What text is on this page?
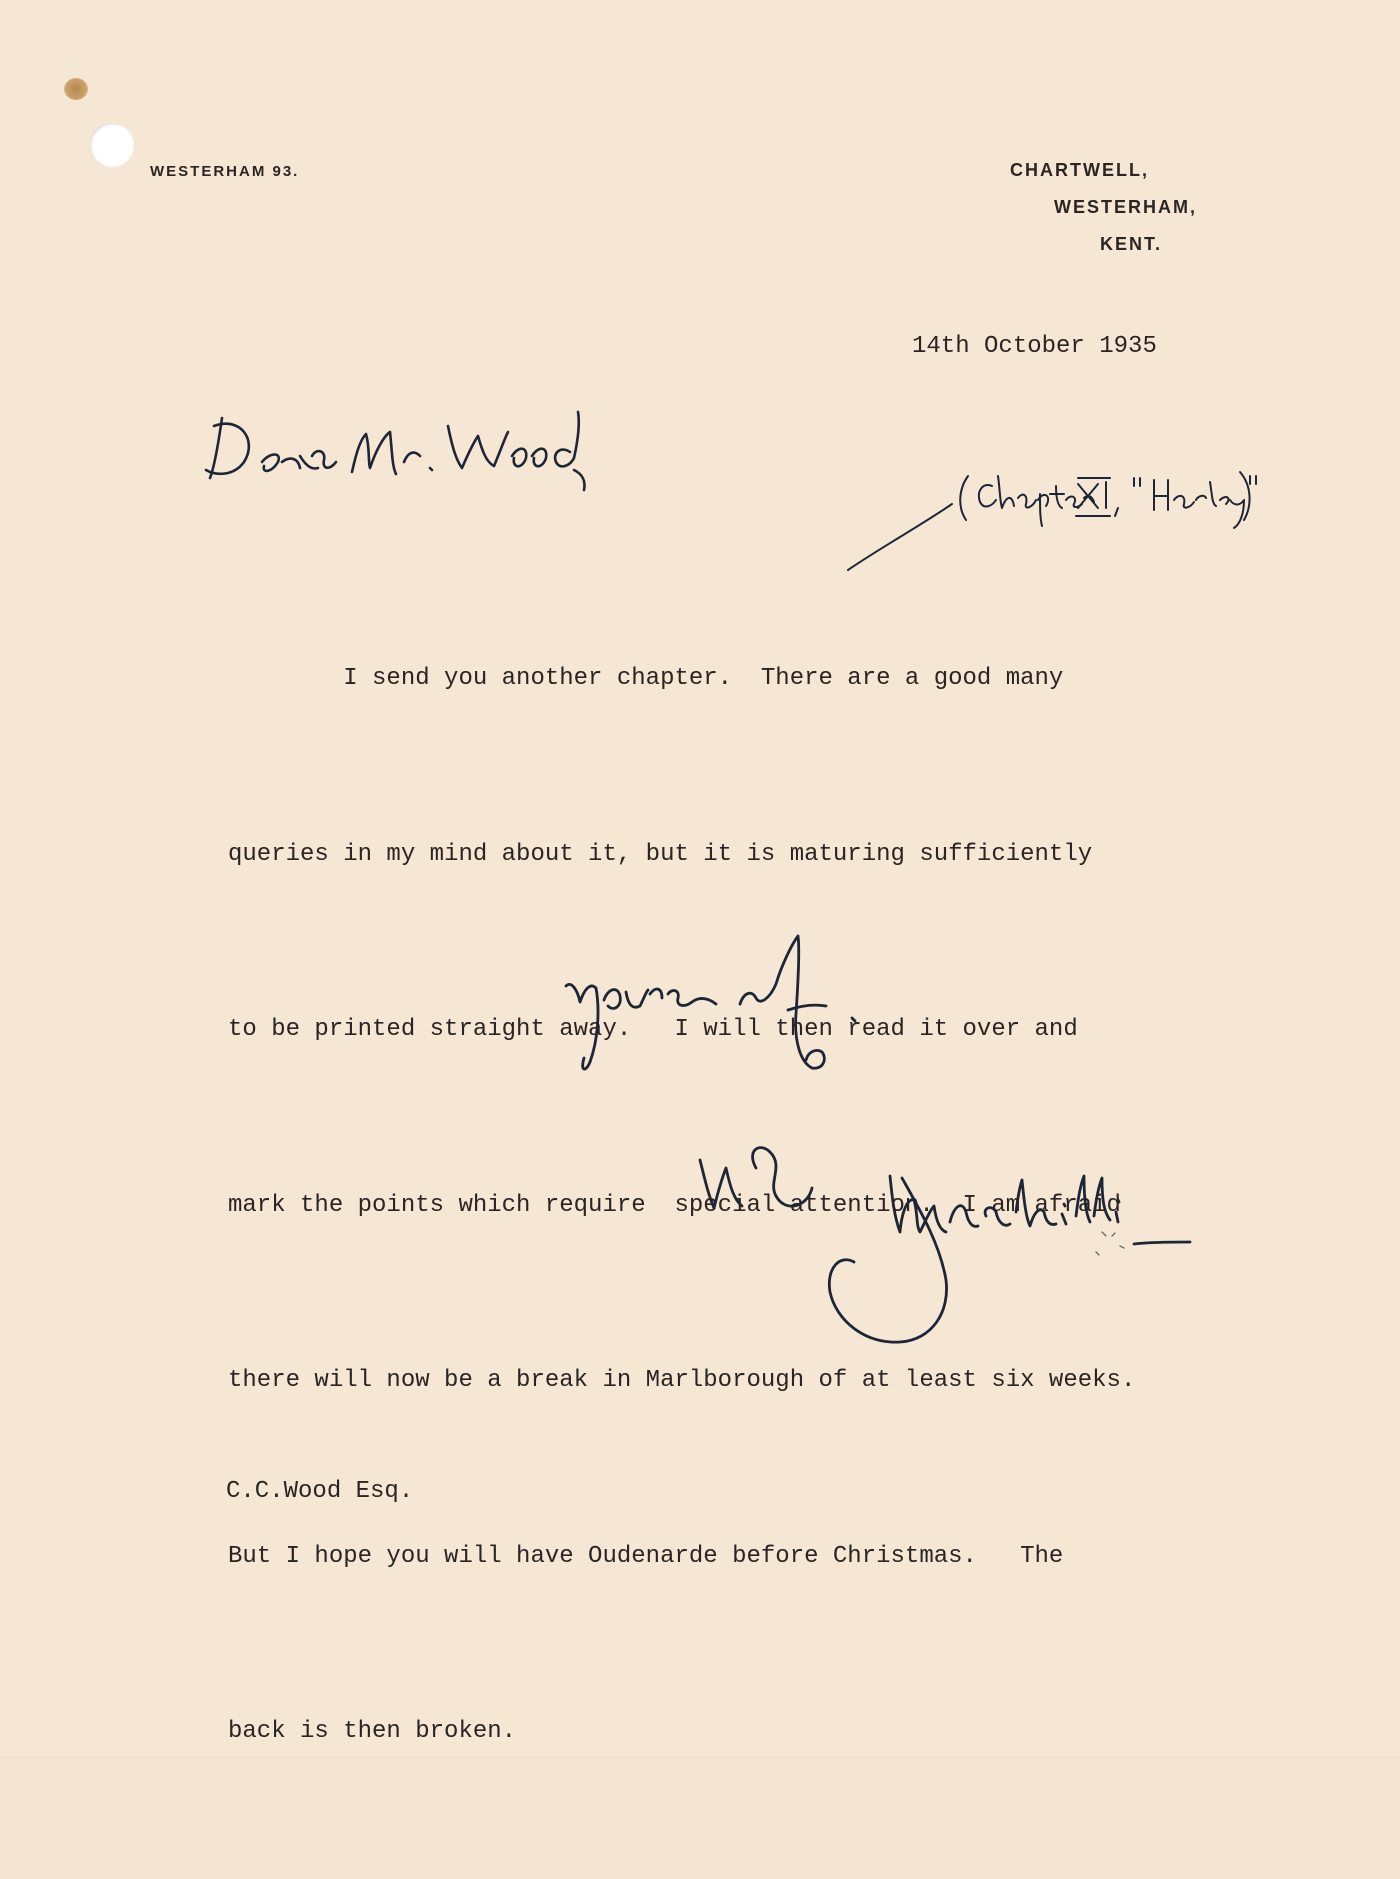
WESTERHAM 93.	CHARTWELL,
WESTERHAM,
KENT.
14th October 1935

I send you another chapter.  There are a good many

queries in my mind about it, but it is maturing sufficiently

to be printed straight away.   I will then read it over and

mark the points which require  special attention.  I am afraid

there will now be a break in Marlborough of at least six weeks.

But I hope you will have Oudenarde before Christmas.   The

back is then broken.

C.C.Wood Esq.
